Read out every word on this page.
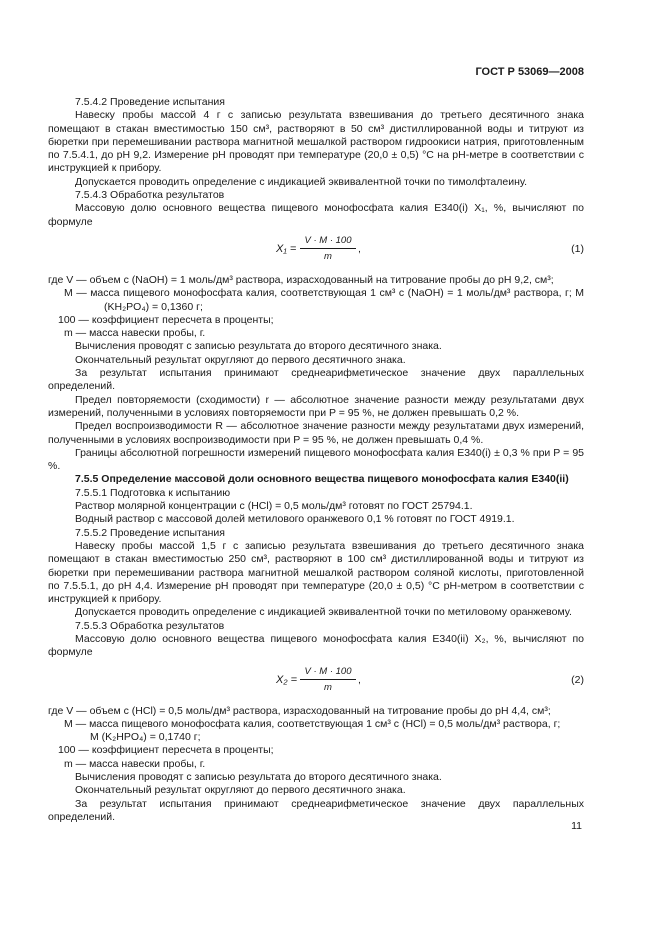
ГОСТ Р 53069—2008

7.5.4.2 Проведение испытания

Навеску пробы массой 4 г с записью результата взвешивания до третьего десятичного знака помещают в стакан вместимостью 150 см³, растворяют в 50 см³ дистиллированной воды и титруют из бюретки при перемешивании раствора магнитной мешалкой раствором гидроокиси натрия, приготовленным по 7.5.4.1, до рН 9,2. Измерение рН проводят при температуре (20,0 ± 0,5) °С на рН-метре в соответствии с инструкцией к прибору.

Допускается проводить определение с индикацией эквивалентной точки по тимолфталеину.

7.5.4.3 Обработка результатов

Массовую долю основного вещества пищевого монофосфата калия Е340(i) X₁, %, вычисляют по формуле

$X_1 = \frac{V \cdot M \cdot 100}{m}$ ,	(1)

где V — объем с (NaOH) = 1 моль/дм³ раствора, израсходованный на титрование пробы до рН 9,2, см³;

M — масса пищевого монофосфата калия, соответствующая 1 см³ с (NaOH) = 1 моль/дм³ раствора, г; M (KH₂PO₄) = 0,1360 г;

100 — коэффициент пересчета в проценты;

m — масса навески пробы, г.

Вычисления проводят с записью результата до второго десятичного знака.

Окончательный результат округляют до первого десятичного знака.

За результат испытания принимают среднеарифметическое значение двух параллельных определений.

Предел повторяемости (сходимости) r — абсолютное значение разности между результатами двух измерений, полученными в условиях повторяемости при P = 95 %, не должен превышать 0,2 %.

Предел воспроизводимости R — абсолютное значение разности между результатами двух измерений, полученными в условиях воспроизводимости при P = 95 %, не должен превышать 0,4 %.

Границы абсолютной погрешности измерений пищевого монофосфата калия Е340(i) ± 0,3 % при P = 95 %.

7.5.5 Определение массовой доли основного вещества пищевого монофосфата калия Е340(ii)

7.5.5.1 Подготовка к испытанию

Раствор молярной концентрации с (HCl) = 0,5 моль/дм³ готовят по ГОСТ 25794.1.

Водный раствор с массовой долей метилового оранжевого 0,1 % готовят по ГОСТ 4919.1.

7.5.5.2 Проведение испытания

Навеску пробы массой 1,5 г с записью результата взвешивания до третьего десятичного знака помещают в стакан вместимостью 250 см³, растворяют в 100 см³ дистиллированной воды и титруют из бюретки при перемешивании раствора магнитной мешалкой раствором соляной кислоты, приготовленной по 7.5.5.1, до рН 4,4. Измерение рН проводят при температуре (20,0 ± 0,5) °С рН-метром в соответствии с инструкцией к прибору.

Допускается проводить определение с индикацией эквивалентной точки по метиловому оранжевому.

7.5.5.3 Обработка результатов

Массовую долю основного вещества пищевого монофосфата калия Е340(ii) X₂, %, вычисляют по формуле

$X_2 = \frac{V \cdot M \cdot 100}{m}$ ,	(2)

где V — объем с (HCl) = 0,5 моль/дм³ раствора, израсходованный на титрование пробы до рН 4,4, см³;

M — масса пищевого монофосфата калия, соответствующая 1 см³ с (HCl) = 0,5 моль/дм³ раствора, г;

M (K₂HPO₄) = 0,1740 г;

100 — коэффициент пересчета в проценты;

m — масса навески пробы, г.

Вычисления проводят с записью результата до второго десятичного знака.

Окончательный результат округляют до первого десятичного знака.

За результат испытания принимают среднеарифметическое значение двух параллельных определений.

11
